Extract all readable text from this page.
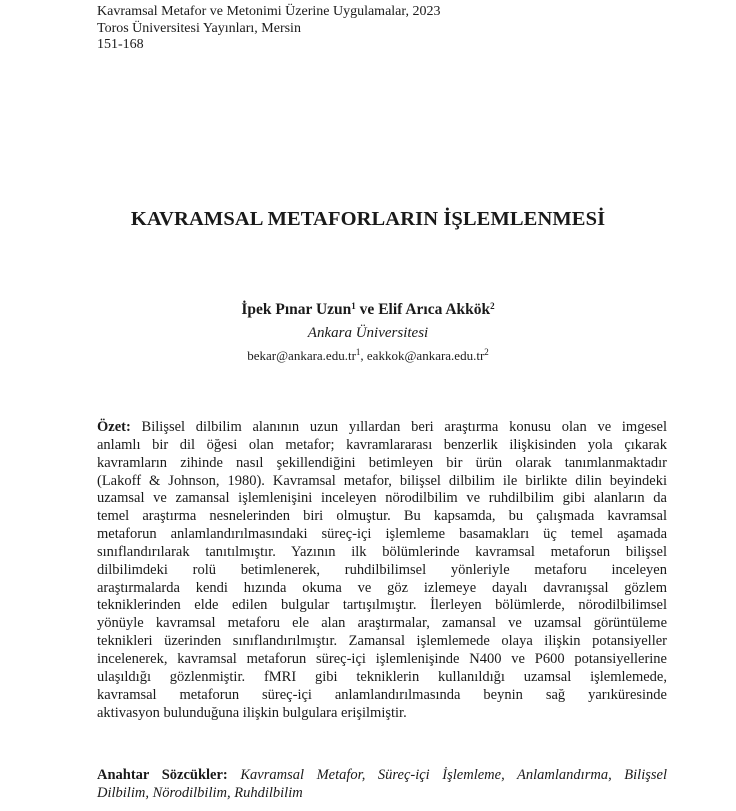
Kavramsal Metafor ve Metonimi Üzerine Uygulamalar, 2023
Toros Üniversitesi Yayınları, Mersin
151-168
KAVRAMSAL METAFORLARIN İŞLEMLENMESİ
İpek Pınar Uzun$^1$ ve Elif Arıca Akkök$^2$
Ankara Üniversitesi
$bekar@ankara.edu.tr^1$, $eakkok@ankara.edu.tr^2$
Özet: Bilişsel dilbilim alanının uzun yıllardan beri araştırma konusu olan ve imgesel
anlamlı bir dil öğesi olan metafor; kavramlararası benzerlik ilişkisinden yola çıkarak
kavramların zihinde nasıl şekillendiğini betimleyen bir ürün olarak tanımlanmaktadır
(Lakoff & Johnson, 1980). Kavramsal metafor, bilişsel dilbilim ile birlikte dilin beyindeki
uzamsal ve zamansal işlemlenişini inceleyen nörodilbilim ve ruhdilbilim gibi alanların da
temel araştırma nesnelerinden biri olmuştur. Bu kapsamda, bu çalışmada kavramsal
metaforun anlamlandırılmasındaki süreç-içi işlemleme basamakları üç temel aşamada
sınıflandırılarak tanıtılmıştır. Yazının ilk bölümlerinde kavramsal metaforun bilişsel
dilbilimdeki rolü betimlenerek, ruhdilbilimsel yönleriyle metaforu inceleyen
araştırmalarda kendi hızında okuma ve göz izlemeye dayalı davranışsal gözlem
tekniklerinden elde edilen bulgular tartışılmıştır. İlerleyen bölümlerde, nörodilbilimsel
yönüyle kavramsal metaforu ele alan araştırmalar, zamansal ve uzamsal görüntüleme
teknikleri üzerinden sınıflandırılmıştır. Zamansal işlemlemede olaya ilişkin potansiyeller
incelenerek, kavramsal metaforun süreç-içi işlemlenişinde N400 ve P600 potansiyellerine
ulaşıldığı gözlenmiştir. fMRI gibi tekniklerin kullanıldığı uzamsal işlemlemede,
kavramsal metaforun süreç-içi anlamlandırılmasında beynin sağ yarıküresinde
aktivasyon bulunduğuna ilişkin bulgulara erişilmiştir.
Anahtar Sözcükler: Kavramsal Metafor, Süreç-içi İşlemleme, Anlamlandırma, Bilişsel
Dilbilim, Nörodilbilim, Ruhdilbilim
